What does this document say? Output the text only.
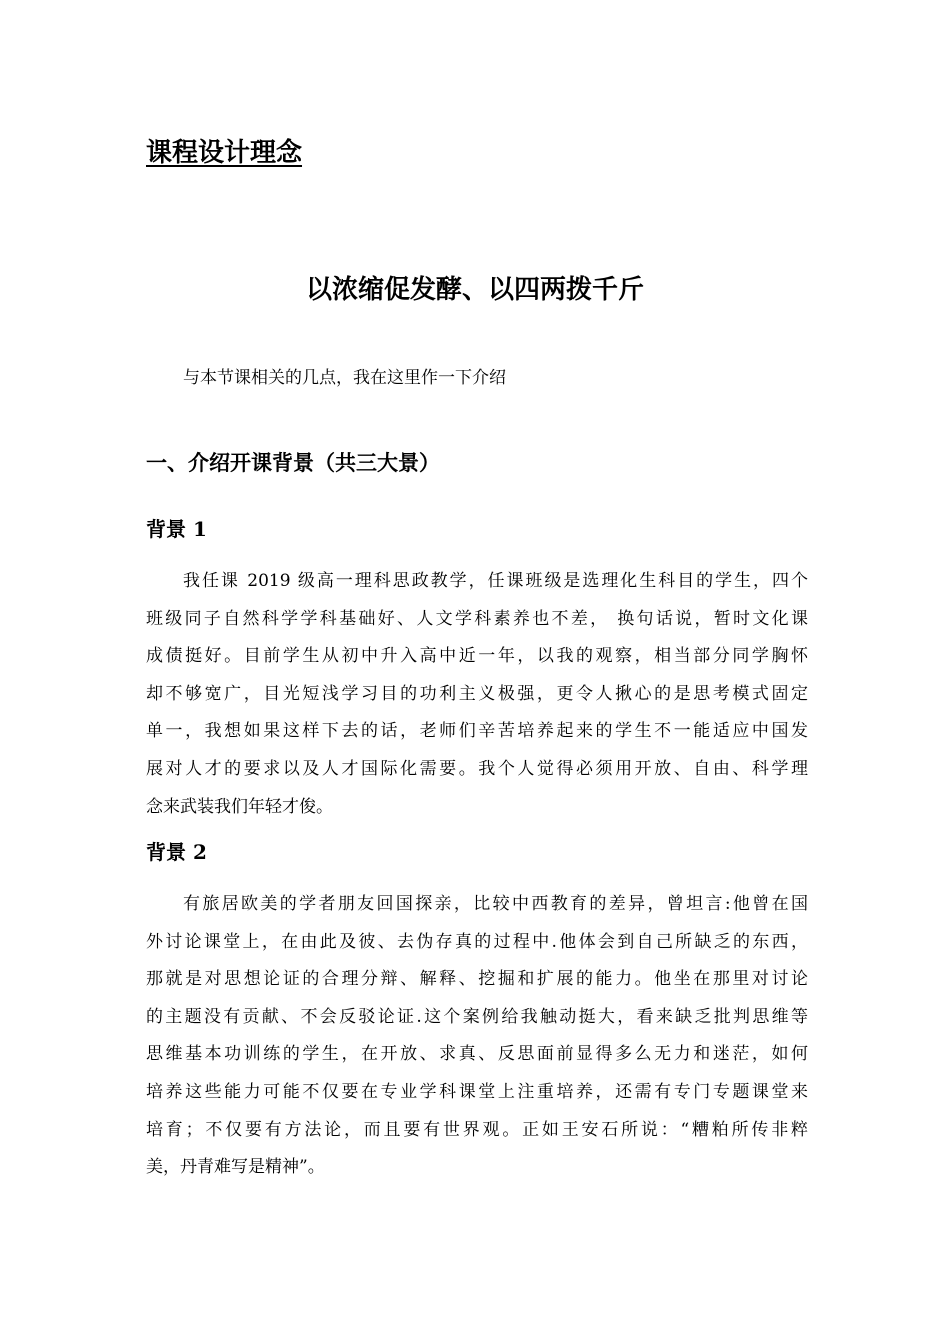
课程设计理念
以浓缩促发酵、以四两拨千斤

与本节课相关的几点，我在这里作一下介绍

一、介绍开课背景（共三大景）
背景 1
我任课 2019 级高一理科思政教学，任课班级是选理化生科目的学生，四个
班级同子自然科学学科基础好、人文学科素养也不差， 换句话说，暂时文化课
成债挺好。目前学生从初中升入高中近一年，以我的观察，相当部分同学胸怀
却不够宽广，目光短浅学习目的功利主义极强，更令人揪心的是思考模式固定
单一，我想如果这样下去的话，老师们辛苦培养起来的学生不一能适应中国发
展对人才的要求以及人才国际化需要。我个人觉得必须用开放、自由、科学理
念来武装我们年轻才俊。
背景 2
有旅居欧美的学者朋友回国探亲，比较中西教育的差异，曾坦言:他曾在国
外讨论课堂上，在由此及彼、去伪存真的过程中.他体会到自己所缺乏的东西，
那就是对思想论证的合理分辩、解释、挖掘和扩展的能力。他坐在那里对讨论
的主题没有贡献、不会反驳论证.这个案例给我触动挺大，看来缺乏批判思维等
思维基本功训练的学生，在开放、求真、反思面前显得多么无力和迷茫，如何
培养这些能力可能不仅要在专业学科课堂上注重培养，还需有专门专题课堂来
培育；不仅要有方法论，而且要有世界观。正如王安石所说：“糟粕所传非粹
美，丹青难写是精神”。
